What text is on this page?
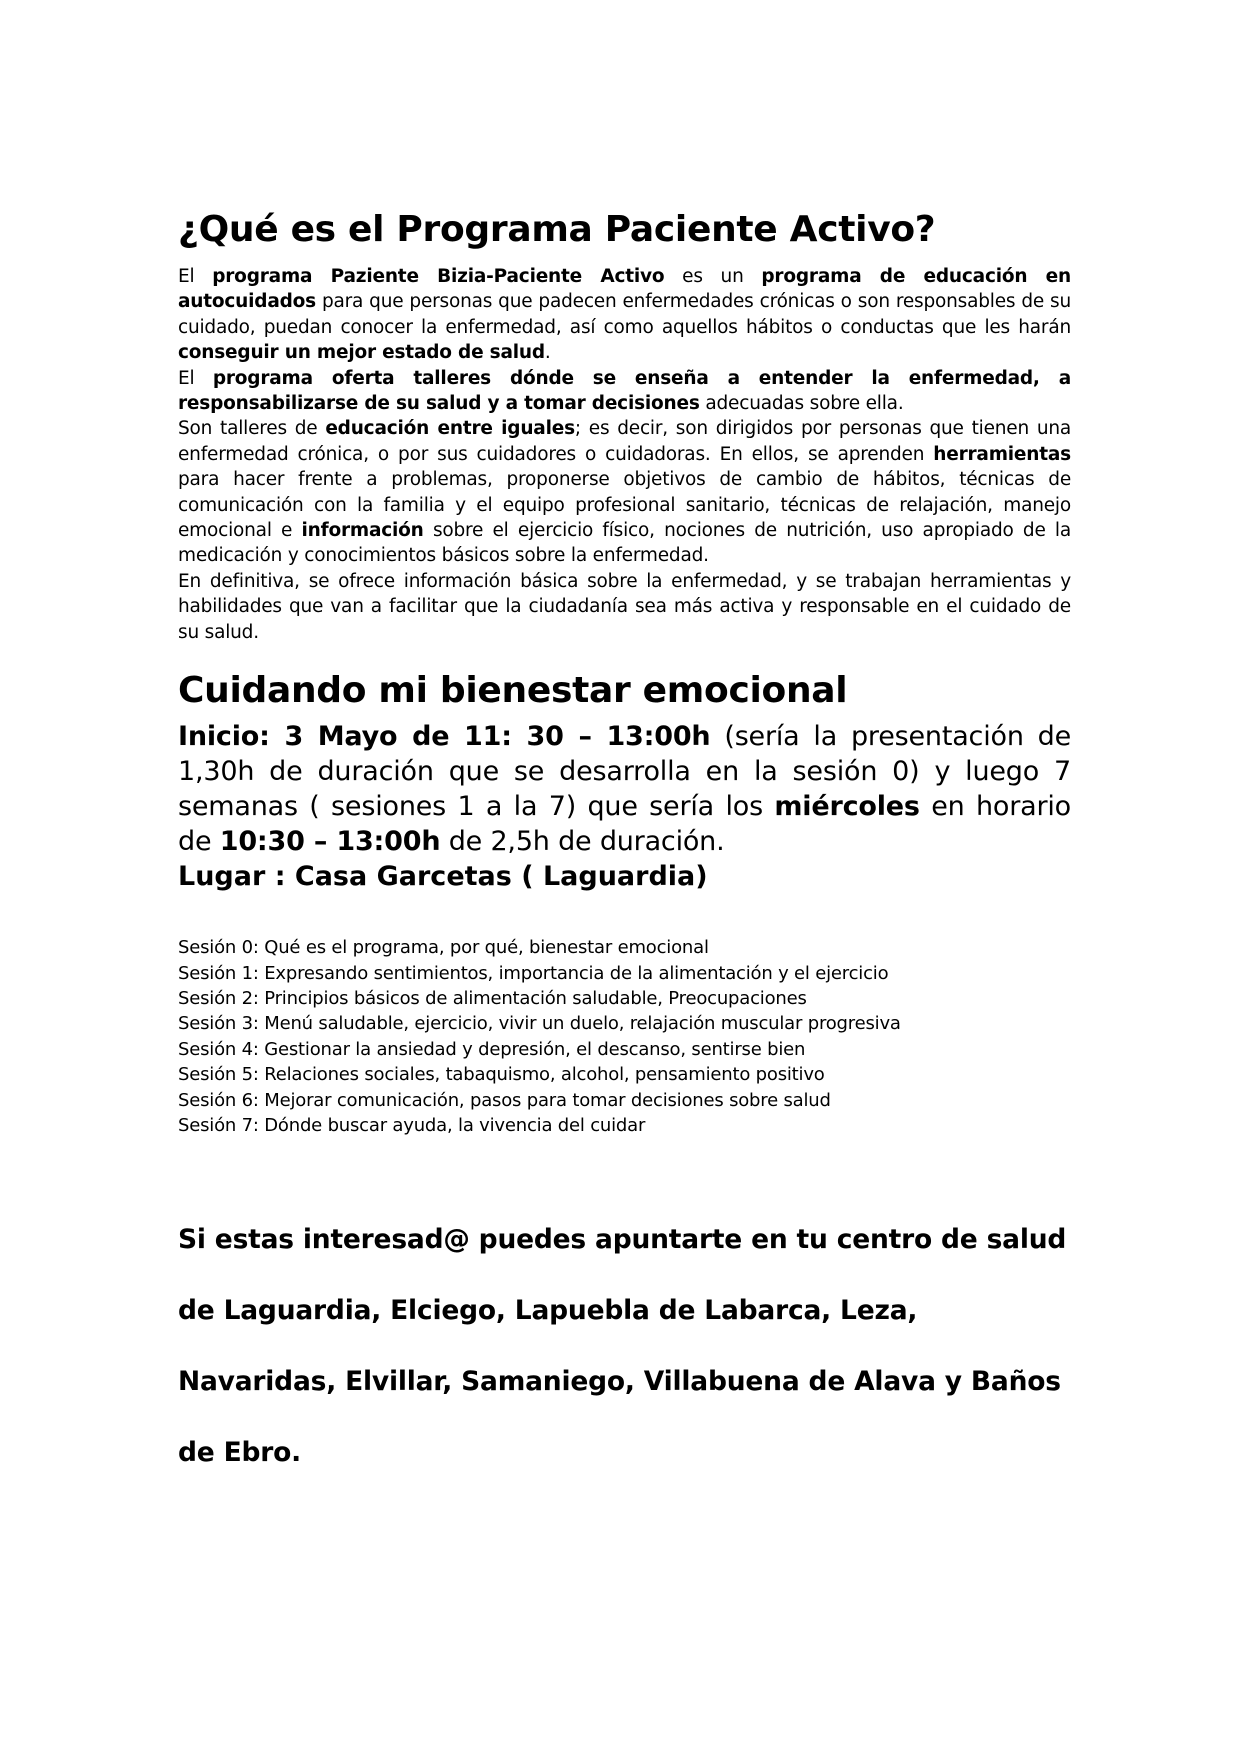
¿Qué es el Programa Paciente Activo?

El programa Paziente Bizia-Paciente Activo es un programa de educación en autocuidados para que personas que padecen enfermedades crónicas o son responsables de su cuidado, puedan conocer la enfermedad, así como aquellos hábitos o conductas que les harán conseguir un mejor estado de salud.

El programa oferta talleres dónde se enseña a entender la enfermedad, a responsabilizarse de su salud y a tomar decisiones adecuadas sobre ella.

Son talleres de educación entre iguales; es decir, son dirigidos por personas que tienen una enfermedad crónica, o por sus cuidadores o cuidadoras. En ellos, se aprenden herramientas para hacer frente a problemas, proponerse objetivos de cambio de hábitos, técnicas de comunicación con la familia y el equipo profesional sanitario, técnicas de relajación, manejo emocional e información sobre el ejercicio físico, nociones de nutrición, uso apropiado de la medicación y conocimientos básicos sobre la enfermedad.

En definitiva, se ofrece información básica sobre la enfermedad, y se trabajan herramientas y habilidades que van a facilitar que la ciudadanía sea más activa y responsable en el cuidado de su salud.

Cuidando mi bienestar emocional

Inicio: 3 Mayo de 11: 30 – 13:00h (sería la presentación de 1,30h de duración que se desarrolla en la sesión 0) y luego 7 semanas ( sesiones 1 a la 7) que sería los miércoles en horario de 10:30 – 13:00h de 2,5h de duración.

Lugar : Casa Garcetas ( Laguardia)

Sesión 0: Qué es el programa, por qué, bienestar emocional
Sesión 1: Expresando sentimientos, importancia de la alimentación y el ejercicio
Sesión 2: Principios básicos de alimentación saludable, Preocupaciones
Sesión 3: Menú saludable, ejercicio, vivir un duelo, relajación muscular progresiva
Sesión 4: Gestionar la ansiedad y depresión, el descanso, sentirse bien
Sesión 5: Relaciones sociales, tabaquismo, alcohol, pensamiento positivo
Sesión 6: Mejorar comunicación, pasos para tomar decisiones sobre salud
Sesión 7: Dónde buscar ayuda, la vivencia del cuidar
Si estas interesad@ puedes apuntarte en tu centro de salud
de Laguardia, Elciego, Lapuebla de Labarca, Leza,
Navaridas, Elvillar, Samaniego, Villabuena de Alava y Baños
de Ebro.
